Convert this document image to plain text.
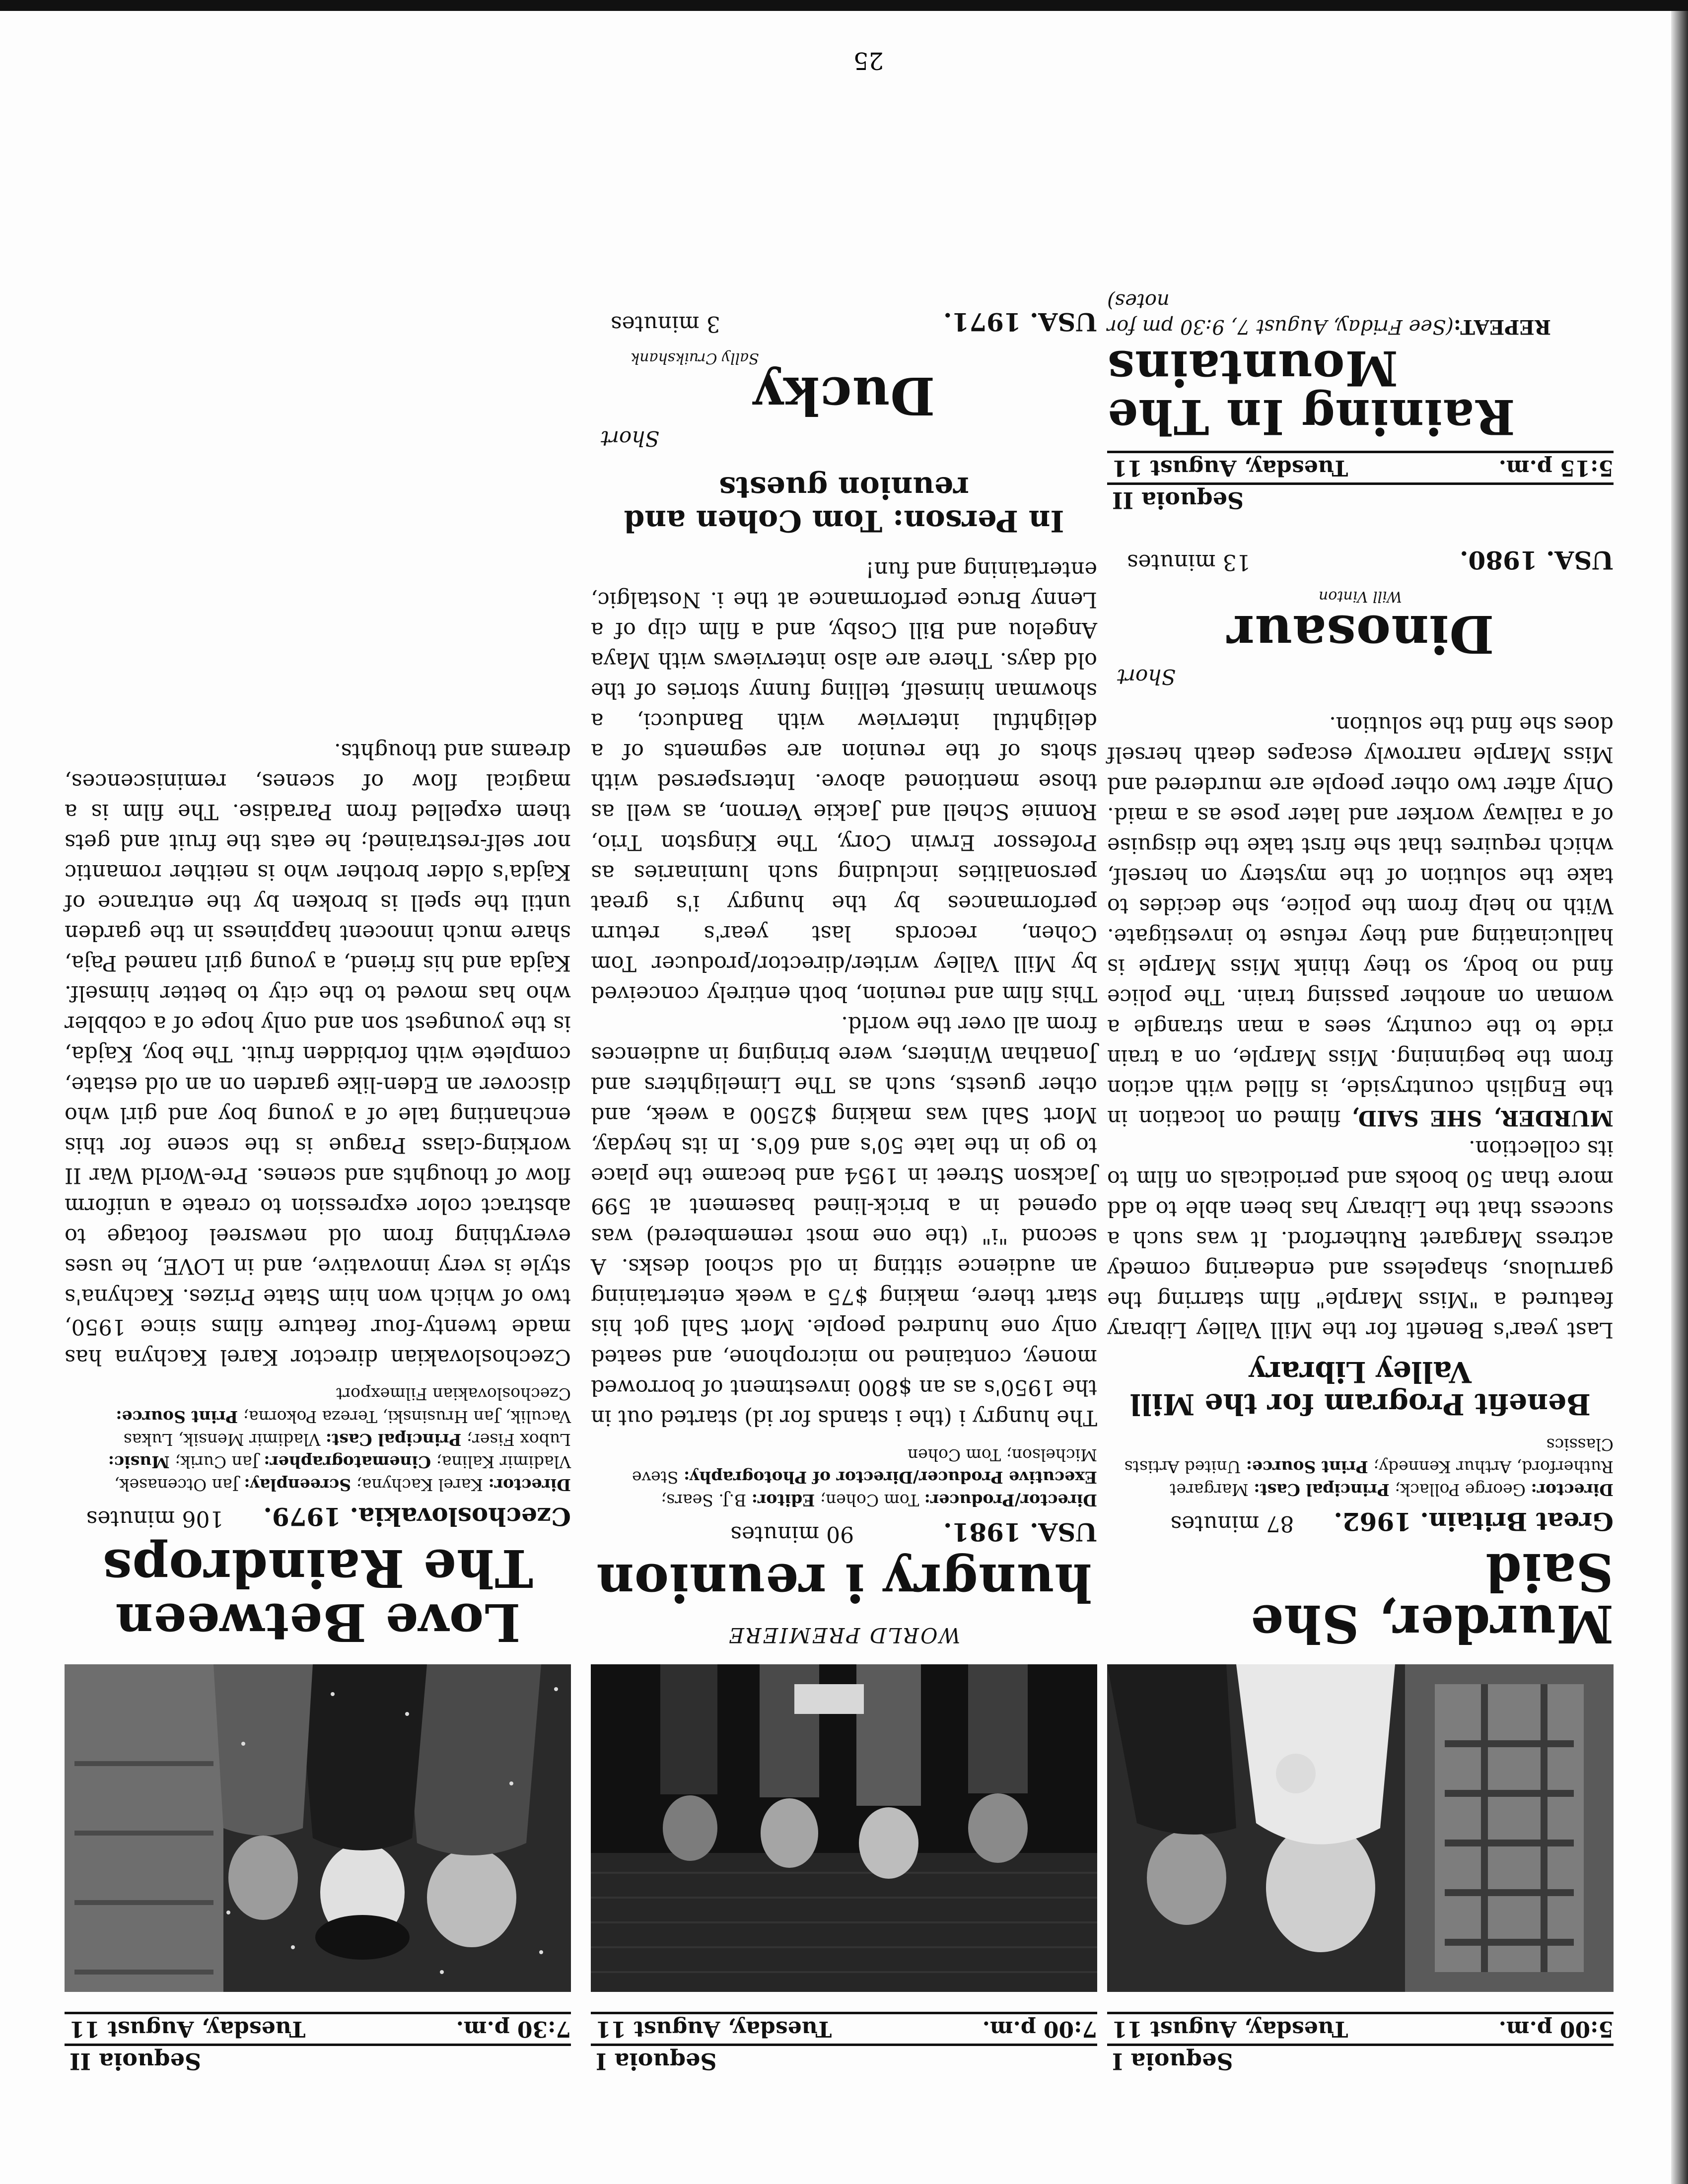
Sequoia I
5:00 p.m.
Tuesday, August 11
Murder, She Said
Great Britain. 1962.
87 minutes
Director: George Pollack; Principal Cast: Margaret Rutherford, Arthur Kennedy; Print Source: United Artists Classics
Benefit Program for the Mill Valley Library

Last year's Benefit for the Mill Valley Library featured a "Miss Marple" film starring the garrulous, shapeless and endearing comedy actress Margaret Rutherford. It was such a success that the Library has been able to add more than 50 books and periodicals on film to its collection.

MURDER, SHE SAID, filmed on location in the English countryside, is filled with action from the beginning. Miss Marple, on a train ride to the country, sees a man strangle a woman on another passing train. The police find no body, so they think Miss Marple is hallucinating and they refuse to investigate. With no help from the police, she decides to take the solution of the mystery on herself, which requires that she first take the disguise of a railway worker and later pose as a maid. Only after two other people are murdered and Miss Marple narrowly escapes death herself does she find the solution.

Short
Dinosaur
Will Vinton
USA. 1980.
13 minutes
Sequoia II
5:15 p.m.
Tuesday, August 11
Raining In The Mountains
REPEAT:(See Friday, August 7, 9:30 pm for notes)
Sequoia I
7:00 p.m.
Tuesday, August 11
WORLD PREMIERE
hungry i reunion
USA. 1981.
90 minutes
Director/Producer: Tom Cohen; Editor: B.J. Sears; Executive Producer/Director of Photography: Steve Michelson; Tom Cohen

The hungry i (the i stands for id) started out in the 1950's as an $800 investment of borrowed money, contained no microphone, and seated only one hundred people. Mort Sahl got his start there, making $75 a week entertaining an audience sitting in old school desks. A second "i" (the one most remembered) was opened in a brick-lined basement at 599 Jackson Street in 1954 and became the place to go in the late 50's and 60's. In its heyday, Mort Sahl was making $2500 a week, and other guests, such as The Limelighters and Jonathan Winters, were bringing in audiences from all over the world.

This film and reunion, both entirely conceived by Mill Valley writer/director/producer Tom Cohen, records last year's return performances by the hungry i's great personalities including such luminaries as Professor Erwin Cory, The Kingston Trio, Ronnie Schell and Jackie Vernon, as well as those mentioned above. Interspersed with shots of the reunion are segments of a delightful interview with Banducci, a showman himself, telling funny stories of the old days. There are also interviews with Maya Angelou and Bill Cosby, and a film clip of a Lenny Bruce performance at the i. Nostalgic, entertaining and fun!

In Person: Tom Cohen and reunion guests
Short
Ducky
Sally Cruikshank
USA. 1971.
3 minutes
Sequoia II
7:30 p.m.
Tuesday, August 11
Love Between The Raindrops
Czechoslovakia. 1979.
106 minutes
Director: Karel Kachyna; Screenplay: Jan Otcenasek, Vladimir Kalina; Cinematographer: Jan Curik; Music: Lubox Fiser; Principal Cast: Vladimir Mensik, Lukas Vaculik, Jan Hrusinski, Tereza Pokorna; Print Source: Czechoslovakian Filmexport

Czechoslovakian director Karel Kachyna has made twenty-four feature films since 1950, two of which won him State Prizes. Kachyna's style is very innovative, and in LOVE, he uses everything from old newsreel footage to abstract color expression to create a uniform flow of thoughts and scenes. Pre-World War II working-class Prague is the scene for this enchanting tale of a young boy and girl who discover an Eden-like garden on an old estate, complete with forbidden fruit. The boy, Kajda, is the youngest son and only hope of a cobbler who has moved to the city to better himself. Kajda and his friend, a young girl named Paja, share much innocent happiness in the garden until the spell is broken by the entrance of Kajda's older brother who is neither romantic nor self-restrained; he eats the fruit and gets them expelled from Paradise. The film is a magical flow of scenes, reminiscences, dreams and thoughts.

25
